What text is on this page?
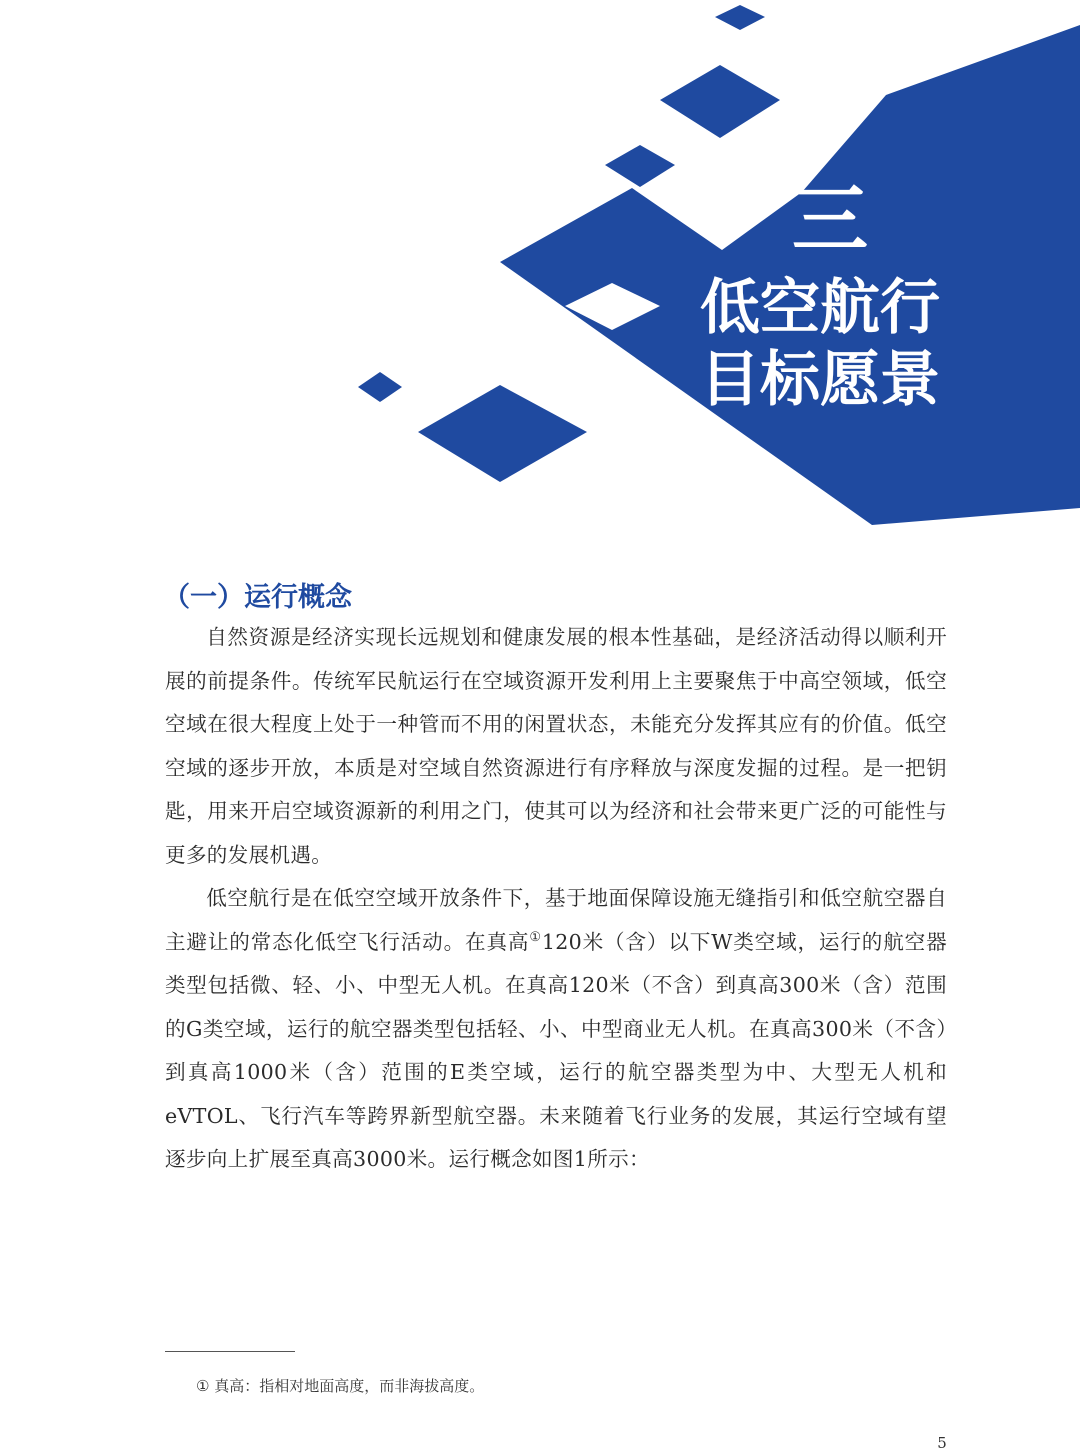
三
低空航行
目标愿景
（一）运行概念

自然资源是经济实现长远规划和健康发展的根本性基础，是经济活动得以顺利开展的前提条件。传统军民航运行在空域资源开发利用上主要聚焦于中高空领域，低空空域在很大程度上处于一种管而不用的闲置状态，未能充分发挥其应有的价值。低空空域的逐步开放，本质是对空域自然资源进行有序释放与深度发掘的过程。是一把钥匙，用来开启空域资源新的利用之门，使其可以为经济和社会带来更广泛的可能性与更多的发展机遇。

低空航行是在低空空域开放条件下，基于地面保障设施无缝指引和低空航空器自主避让的常态化低空飞行活动。在真高①120米（含）以下W类空域，运行的航空器类型包括微、轻、小、中型无人机。在真高120米（不含）到真高300米（含）范围的G类空域，运行的航空器类型包括轻、小、中型商业无人机。在真高300米（不含）到真高1000米（含）范围的E类空域，运行的航空器类型为中、大型无人机和eVTOL、飞行汽车等跨界新型航空器。未来随着飞行业务的发展，其运行空域有望逐步向上扩展至真高3000米。运行概念如图1所示：

① 真高：指相对地面高度，而非海拔高度。
5
